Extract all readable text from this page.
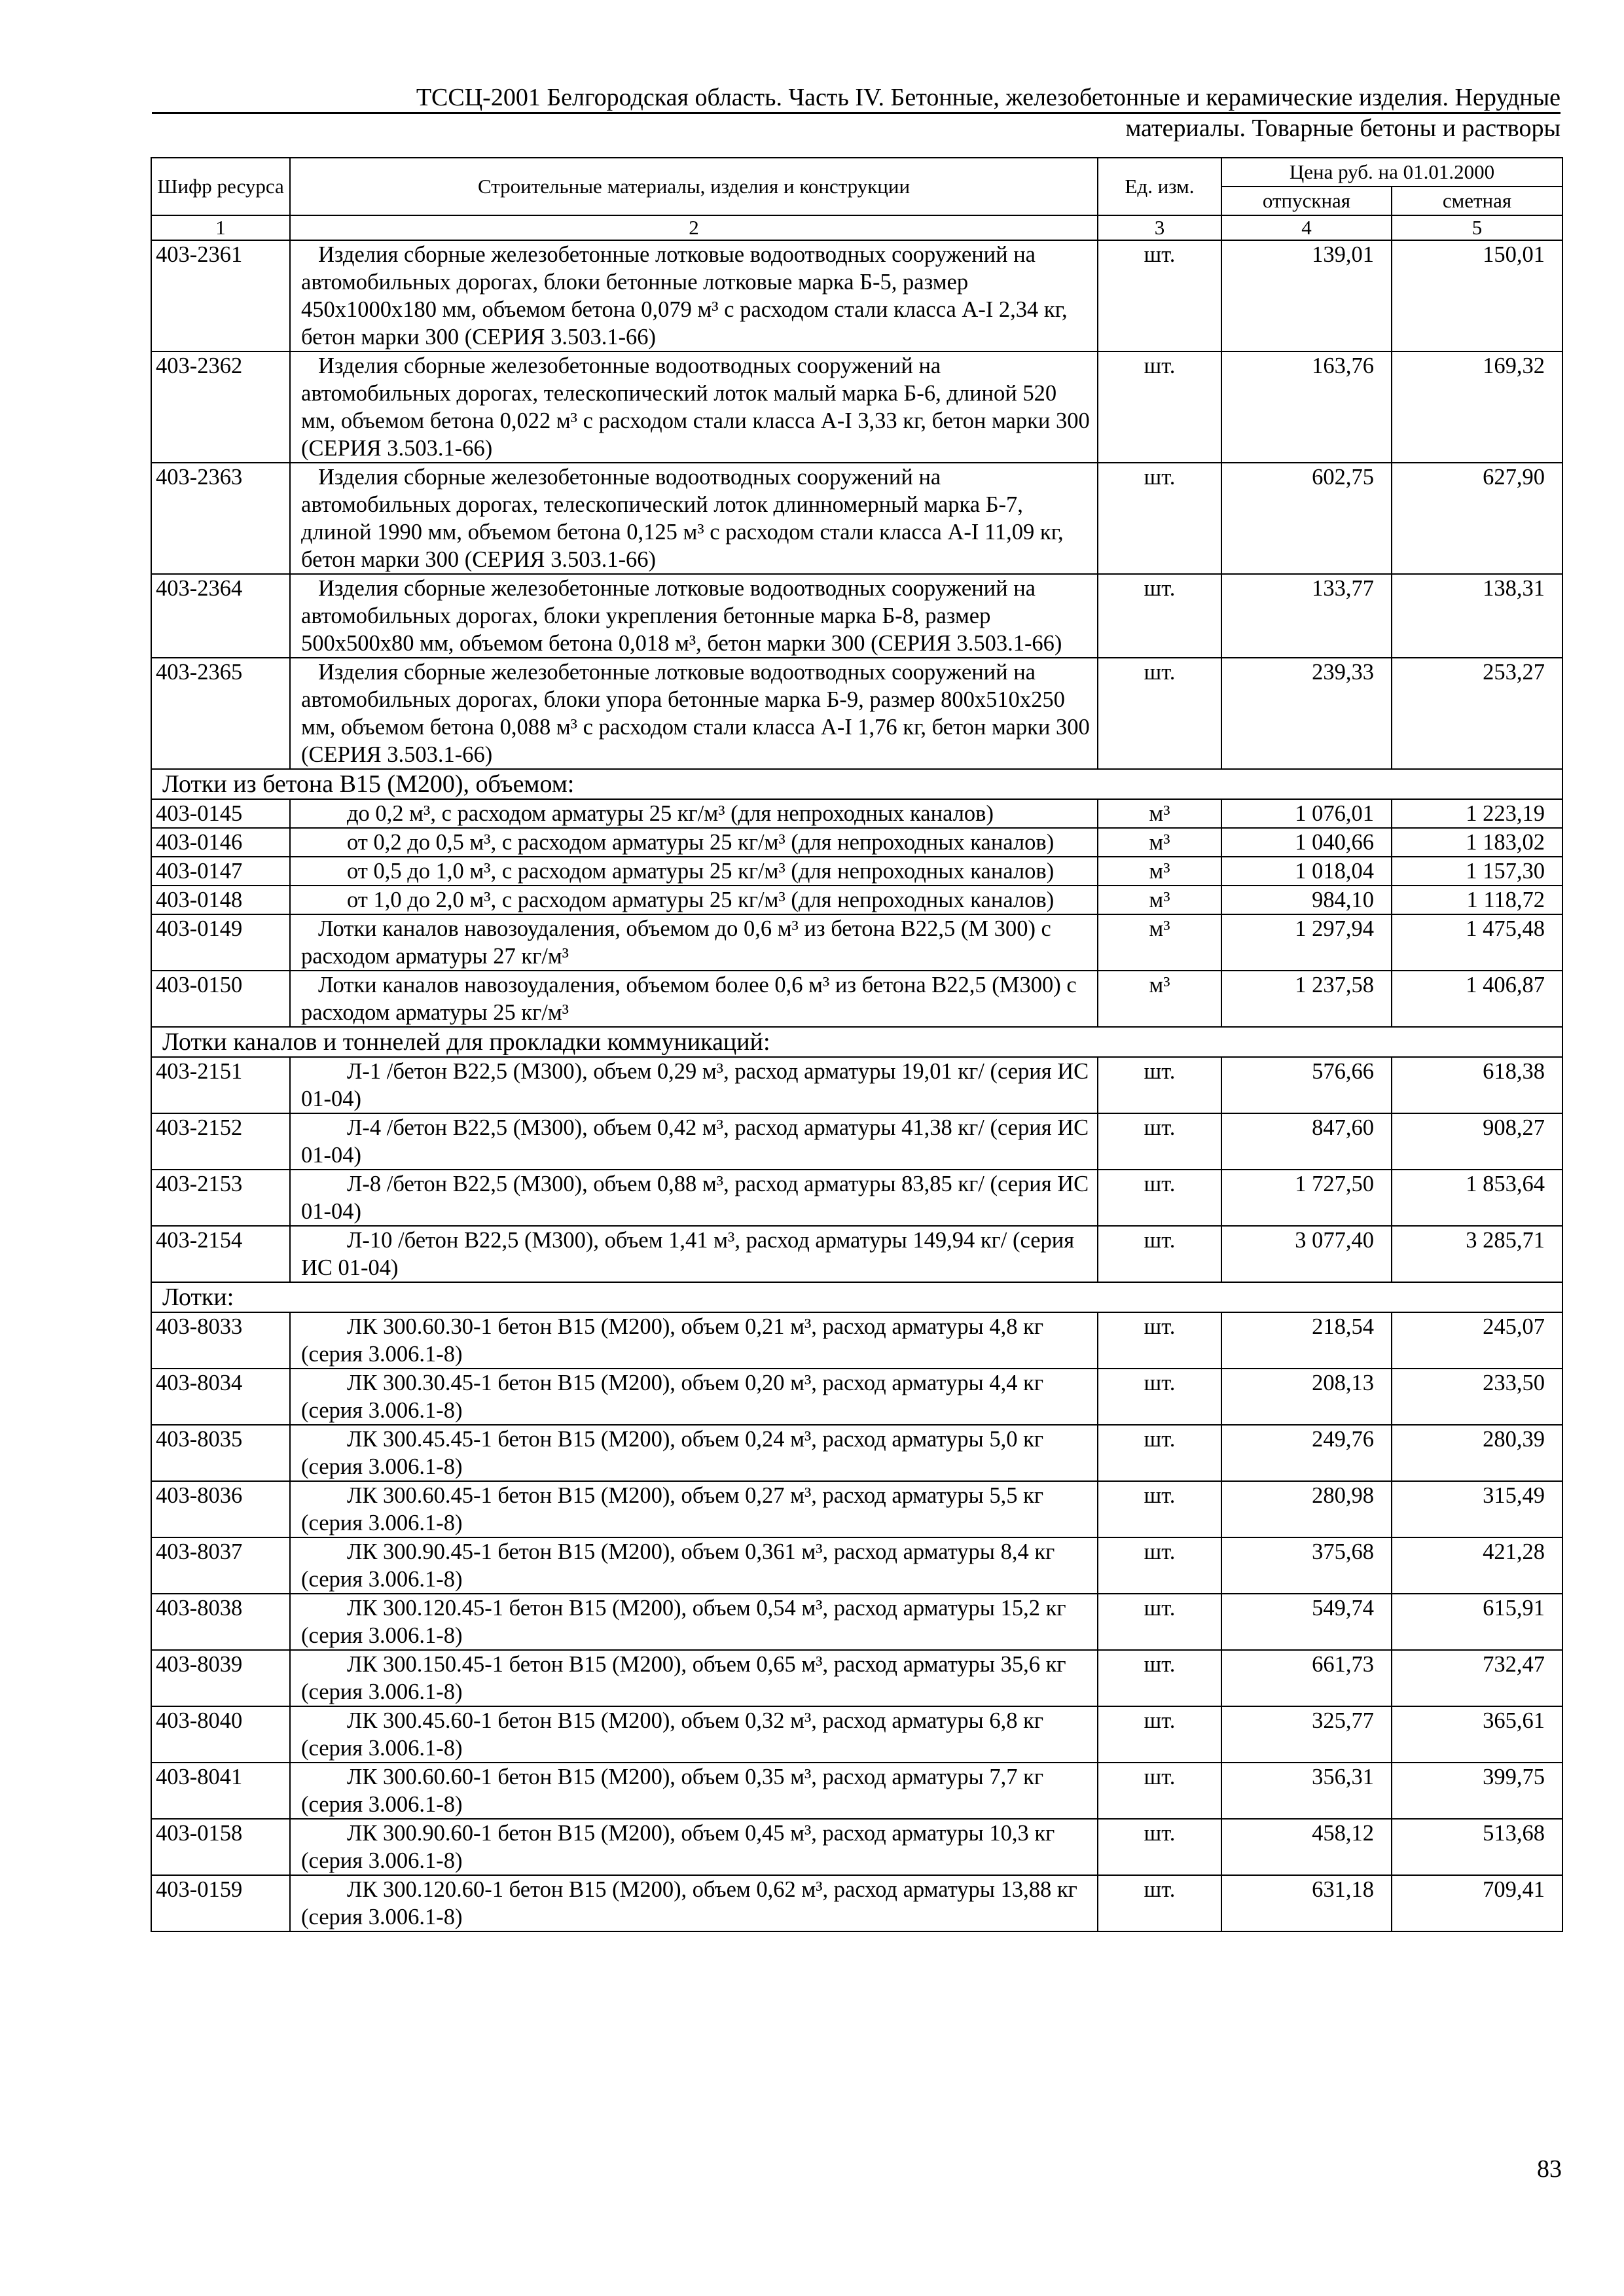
ТССЦ-2001 Белгородская область. Часть IV. Бетонные, железобетонные и керамические изделия. Нерудные
материалы. Товарные бетоны и растворы
Шифр ресурса	Строительные материалы, изделия и конструкции	Ед. изм.	Цена руб. на 01.01.2000	
			отпускная	сметная
1	2	3	4	5
403-2361	Изделия сборные железобетонные лотковые водоотводных сооружений на автомобильных дорогах, блоки бетонные лотковые марка Б-5, размер 450х1000х180 мм, объемом бетона 0,079 м³ с расходом стали класса А-I 2,34 кг, бетон марки 300 (СЕРИЯ 3.503.1-66)	шт.	139,01	150,01
403-2362	Изделия сборные железобетонные водоотводных сооружений на автомобильных дорогах, телескопический лоток малый марка Б-6, длиной 520 мм, объемом бетона 0,022 м³ с расходом стали класса А-I 3,33 кг, бетон марки 300 (СЕРИЯ 3.503.1-66)	шт.	163,76	169,32
403-2363	Изделия сборные железобетонные водоотводных сооружений на автомобильных дорогах, телескопический лоток длинномерный марка Б-7, длиной 1990 мм, объемом бетона 0,125 м³ с расходом стали класса А-I 11,09 кг, бетон марки 300 (СЕРИЯ 3.503.1-66)	шт.	602,75	627,90
403-2364	Изделия сборные железобетонные лотковые водоотводных сооружений на автомобильных дорогах, блоки укрепления бетонные марка Б-8, размер 500х500х80 мм, объемом бетона 0,018 м³, бетон марки 300 (СЕРИЯ 3.503.1-66)	шт.	133,77	138,31
403-2365	Изделия сборные железобетонные лотковые водоотводных сооружений на автомобильных дорогах, блоки упора бетонные марка Б-9, размер 800х510х250 мм, объемом бетона 0,088 м³ с расходом стали класса А-I 1,76 кг, бетон марки 300 (СЕРИЯ 3.503.1-66)	шт.	239,33	253,27
Лотки из бетона В15 (М200), объемом:				
403-0145	до 0,2 м³, с расходом арматуры 25 кг/м³ (для непроходных каналов)	м³	1 076,01	1 223,19
403-0146	от 0,2 до 0,5 м³, с расходом арматуры 25 кг/м³ (для непроходных каналов)	м³	1 040,66	1 183,02
403-0147	от 0,5 до 1,0 м³, с расходом арматуры 25 кг/м³ (для непроходных каналов)	м³	1 018,04	1 157,30
403-0148	от 1,0 до 2,0 м³, с расходом арматуры 25 кг/м³ (для непроходных каналов)	м³	984,10	1 118,72
403-0149	Лотки каналов навозоудаления, объемом до 0,6 м³ из бетона В22,5 (М 300) с расходом арматуры 27 кг/м³	м³	1 297,94	1 475,48
403-0150	Лотки каналов навозоудаления, объемом более 0,6 м³ из бетона В22,5 (М300) с расходом арматуры 25 кг/м³	м³	1 237,58	1 406,87
Лотки каналов и тоннелей для прокладки коммуникаций:				
403-2151	Л-1 /бетон В22,5 (М300), объем 0,29 м³, расход арматуры 19,01 кг/ (серия ИС 01-04)	шт.	576,66	618,38
403-2152	Л-4 /бетон В22,5 (М300), объем 0,42 м³, расход арматуры 41,38 кг/ (серия ИС 01-04)	шт.	847,60	908,27
403-2153	Л-8 /бетон В22,5 (М300), объем 0,88 м³, расход арматуры 83,85 кг/ (серия ИС 01-04)	шт.	1 727,50	1 853,64
403-2154	Л-10 /бетон В22,5 (М300), объем 1,41 м³, расход арматуры 149,94 кг/ (серия ИС 01-04)	шт.	3 077,40	3 285,71
Лотки:				
403-8033	ЛК 300.60.30-1 бетон В15 (М200), объем 0,21 м³, расход арматуры 4,8 кг (серия 3.006.1-8)	шт.	218,54	245,07
403-8034	ЛК 300.30.45-1 бетон В15 (М200), объем 0,20 м³, расход арматуры 4,4 кг (серия 3.006.1-8)	шт.	208,13	233,50
403-8035	ЛК 300.45.45-1 бетон В15 (М200), объем 0,24 м³, расход арматуры 5,0 кг (серия 3.006.1-8)	шт.	249,76	280,39
403-8036	ЛК 300.60.45-1 бетон В15 (М200), объем 0,27 м³, расход арматуры 5,5 кг (серия 3.006.1-8)	шт.	280,98	315,49
403-8037	ЛК 300.90.45-1 бетон В15 (М200), объем 0,361 м³, расход арматуры 8,4 кг (серия 3.006.1-8)	шт.	375,68	421,28
403-8038	ЛК 300.120.45-1 бетон В15 (М200), объем 0,54 м³, расход арматуры 15,2 кг (серия 3.006.1-8)	шт.	549,74	615,91
403-8039	ЛК 300.150.45-1 бетон В15 (М200), объем 0,65 м³, расход арматуры 35,6 кг (серия 3.006.1-8)	шт.	661,73	732,47
403-8040	ЛК 300.45.60-1 бетон В15 (М200), объем 0,32 м³, расход арматуры 6,8 кг (серия 3.006.1-8)	шт.	325,77	365,61
403-8041	ЛК 300.60.60-1 бетон В15 (М200), объем 0,35 м³, расход арматуры 7,7 кг (серия 3.006.1-8)	шт.	356,31	399,75
403-0158	ЛК 300.90.60-1 бетон В15 (М200), объем 0,45 м³, расход арматуры 10,3 кг (серия 3.006.1-8)	шт.	458,12	513,68
403-0159	ЛК 300.120.60-1 бетон В15 (М200), объем 0,62 м³, расход арматуры 13,88 кг (серия 3.006.1-8)	шт.	631,18	709,41
83
